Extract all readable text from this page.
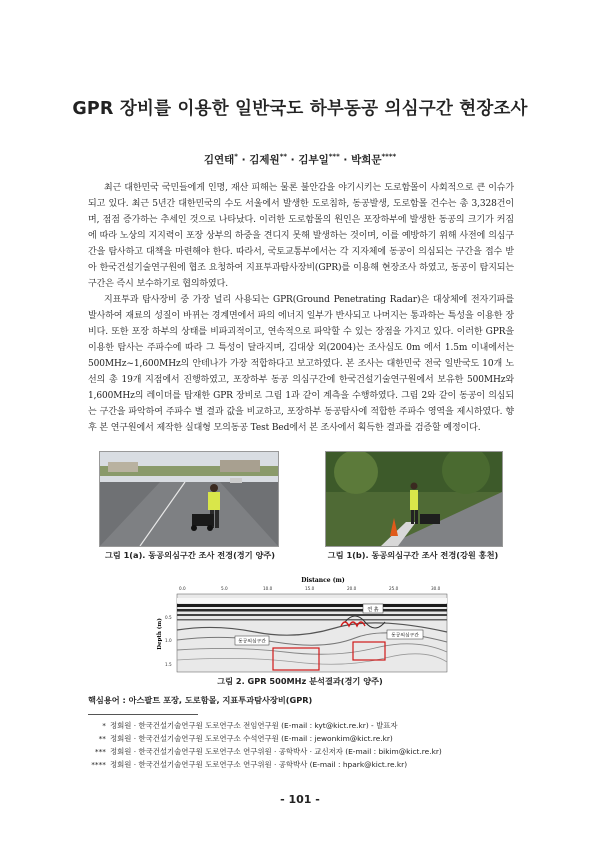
GPR 장비를 이용한 일반국도 하부동공 의심구간 현장조사
김연태* · 김제원** · 김부일*** · 박희문****

최근 대한민국 국민들에게 인명, 재산 피해는 물론 불안감을 야기시키는 도로함몰이 사회적으로 큰 이슈가 되고 있다. 최근 5년간 대한민국의 수도 서울에서 발생한 도로침하, 동공발생, 도로함몰 건수는 총 3,328건이며, 점점 증가하는 추세인 것으로 나타났다. 이러한 도로함몰의 원인은 포장하부에 발생한 동공의 크기가 커짐에 따라 노상의 지지력이 포장 상부의 하중을 견디지 못해 발생하는 것이며, 이를 예방하기 위해 사전에 의심구간을 탐사하고 대책을 마련해야 한다. 따라서, 국토교통부에서는 각 지자체에 동공이 의심되는 구간을 접수 받아 한국건설기술연구원에 협조 요청하여 지표투과탐사장비(GPR)를 이용해 현장조사 하였고, 동공이 탐지되는 구간은 즉시 보수하기로 협의하였다.

지표투과 탐사장비 중 가장 널리 사용되는 GPR(Ground Penetrating Radar)은 대상체에 전자기파를 발사하여 재료의 성질이 바뀌는 경계면에서 파의 에너지 일부가 반사되고 나머지는 통과하는 특성을 이용한 장비다. 또한 포장 하부의 상태를 비파괴적이고, 연속적으로 파악할 수 있는 장점을 가지고 있다. 이러한 GPR을 이용한 탐사는 주파수에 따라 그 특성이 달라지며, 김대상 외(2004)는 조사심도 0m 에서 1.5m 이내에서는 500MHz~1,600MHz의 안테나가 가장 적합하다고 보고하였다. 본 조사는 대한민국 전국 일반국도 10개 노선의 총 19개 지점에서 진행하였고, 포장하부 동공 의심구간에 한국건설기술연구원에서 보유한 500MHz와 1,600MHz의 레이더를 탑재한 GPR 장비로 그림 1과 같이 계측을 수행하였다. 그림 2와 같이 동공이 의심되는 구간을 파악하여 주파수 별 결과 값을 비교하고, 포장하부 동공탐사에 적합한 주파수 영역을 제시하였다. 향후 본 연구원에서 제작한 실대형 모의동공 Test Bed에서 본 조사에서 획득한 결과를 검증할 예정이다.

그림 1(a). 동공의심구간 조사 전경(경기 양주)	그림 1(b). 동공의심구간 조사 전경(강원 홍천)
Distance (m)
0.0	5.0	10.0	15.0	20.0	25.0	30.0
Depth (m)
0.5
1.0
1.5
연 흙
동공의심구간
동공의심구간
그림 2. GPR 500MHz 분석결과(경기 양주)
핵심용어 : 아스팔트 포장, 도로함몰, 지표투과탐사장비(GPR)
* 정회원 · 한국건설기술연구원 도로연구소 전임연구원 (E-mail : kyt@kict.re.kr) - 발표자
** 정회원 · 한국건설기술연구원 도로연구소 수석연구원 (E-mail : jewonkim@kict.re.kr)
*** 정회원 · 한국건설기술연구원 도로연구소 연구위원 · 공학박사 · 교신저자 (E-mail : bikim@kict.re.kr)
**** 정회원 · 한국건설기술연구원 도로연구소 연구위원 · 공학박사 (E-mail : hpark@kict.re.kr)
- 101 -
